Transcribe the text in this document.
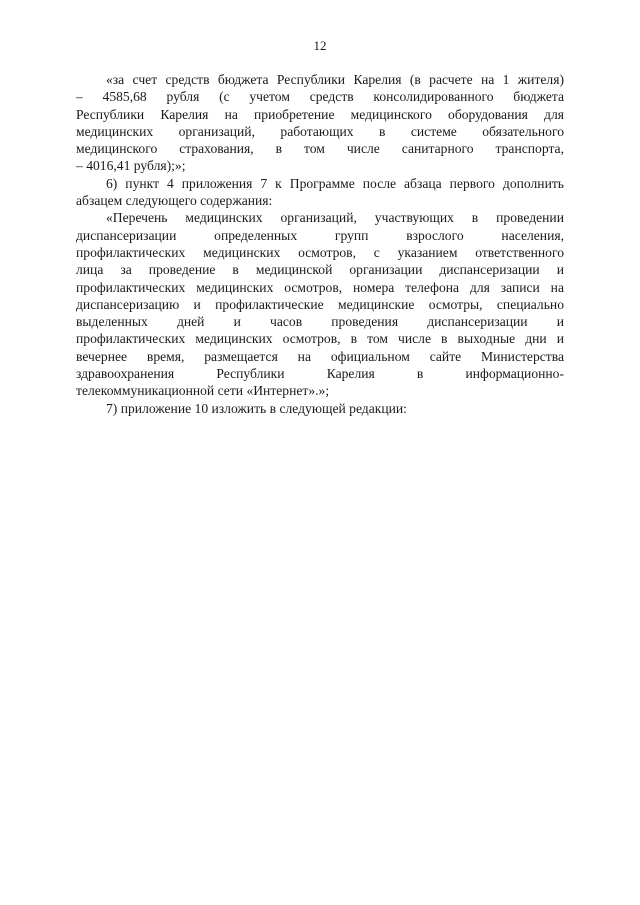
12
«за счет средств бюджета Республики Карелия (в расчете на 1 жителя)
– 4585,68 рубля (с учетом средств консолидированного бюджета
Республики Карелия на приобретение медицинского оборудования для
медицинских организаций, работающих в системе обязательного
медицинского страхования, в том числе санитарного транспорта,
– 4016,41 рубля);»;
6) пункт 4 приложения 7 к Программе после абзаца первого дополнить
абзацем следующего содержания:
«Перечень медицинских организаций, участвующих в проведении
диспансеризации определенных групп взрослого населения,
профилактических медицинских осмотров, с указанием ответственного
лица за проведение в медицинской организации диспансеризации и
профилактических медицинских осмотров, номера телефона для записи на
диспансеризацию и профилактические медицинские осмотры, специально
выделенных дней и часов проведения диспансеризации и
профилактических медицинских осмотров, в том числе в выходные дни и
вечернее время, размещается на официальном сайте Министерства
здравоохранения Республики Карелия в информационно-
телекоммуникационной сети «Интернет».»;
7) приложение 10 изложить в следующей редакции:
